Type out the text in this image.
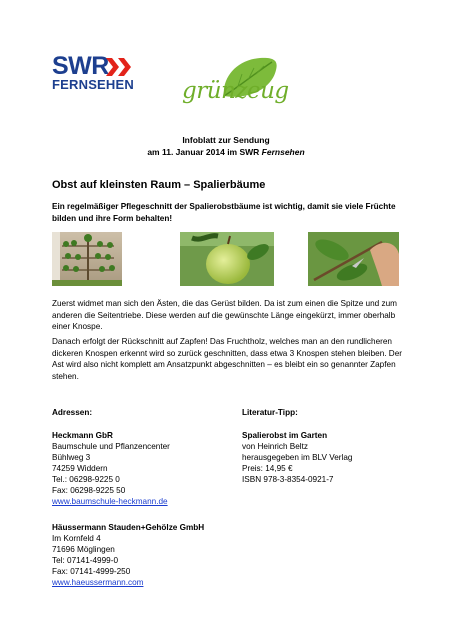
SWR
FERNSEHEN grünzeug
Infoblatt zur Sendung
am 11. Januar 2014 im SWR Fernsehen
Obst auf kleinsten Raum – Spalierbäume
Ein regelmäßiger Pflegeschnitt der Spalierobstbäume ist wichtig, damit sie viele Früchte bilden und ihre Form behalten!
Zuerst widmet man sich den Ästen, die das Gerüst bilden. Da ist zum einen die Spitze und zum anderen die Seitentriebe. Diese werden auf die gewünschte Länge eingekürzt, immer oberhalb einer Knospe.
Danach erfolgt der Rückschnitt auf Zapfen! Das Fruchtholz, welches man an den rundlicheren dickeren Knospen erkennt wird so zurück geschnitten, dass etwa 3 Knospen stehen bleiben. Der Ast wird also nicht komplett am Ansatzpunkt abgeschnitten – es bleibt ein so genannter Zapfen stehen.
Adressen:
Heckmann GbR
Baumschule und Pflanzencenter
Bühlweg 3
74259 Widdern
Tel.: 06298-9225 0
Fax: 06298-9225 50
www.baumschule-heckmann.de
Literatur-Tipp:
Spalierobst im Garten
von Heinrich Beltz
herausgegeben im BLV Verlag
Preis: 14,95 €
ISBN 978-3-8354-0921-7
Häussermann Stauden+Gehölze GmbH
Im Kornfeld 4
71696 Möglingen
Tel: 07141-4999-0
Fax: 07141-4999-250
www.haeussermann.com
